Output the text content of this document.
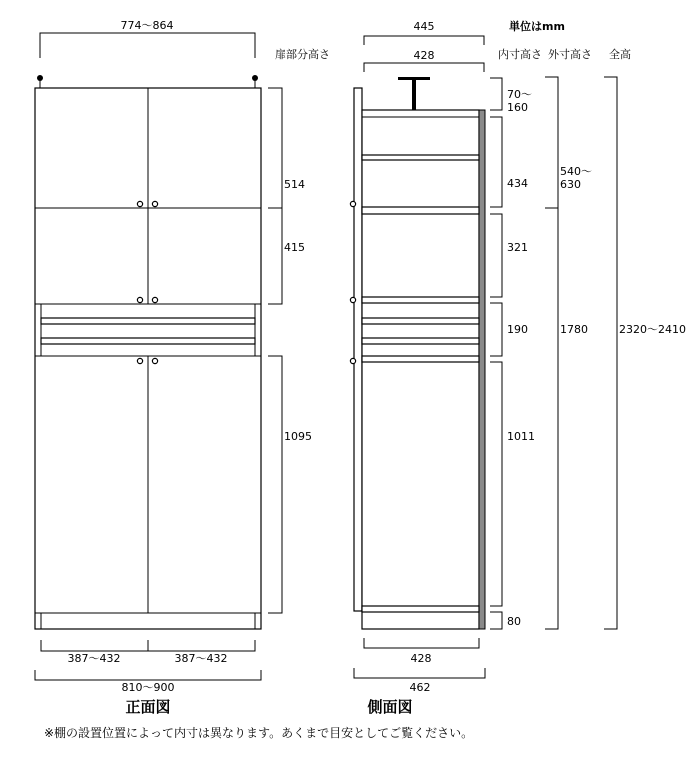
774〜864
514
415
1095
387〜432	387〜432
810〜900
正面図
単位はmm
445
428
扉部分高さ	内寸高さ 外寸高さ 全高
70〜 160
434
321
190
1011
80
540〜 630
1780	2320〜2410
428
462
側面図
※棚の設置位置によって内寸は異なります。あくまで目安としてご覧ください。
